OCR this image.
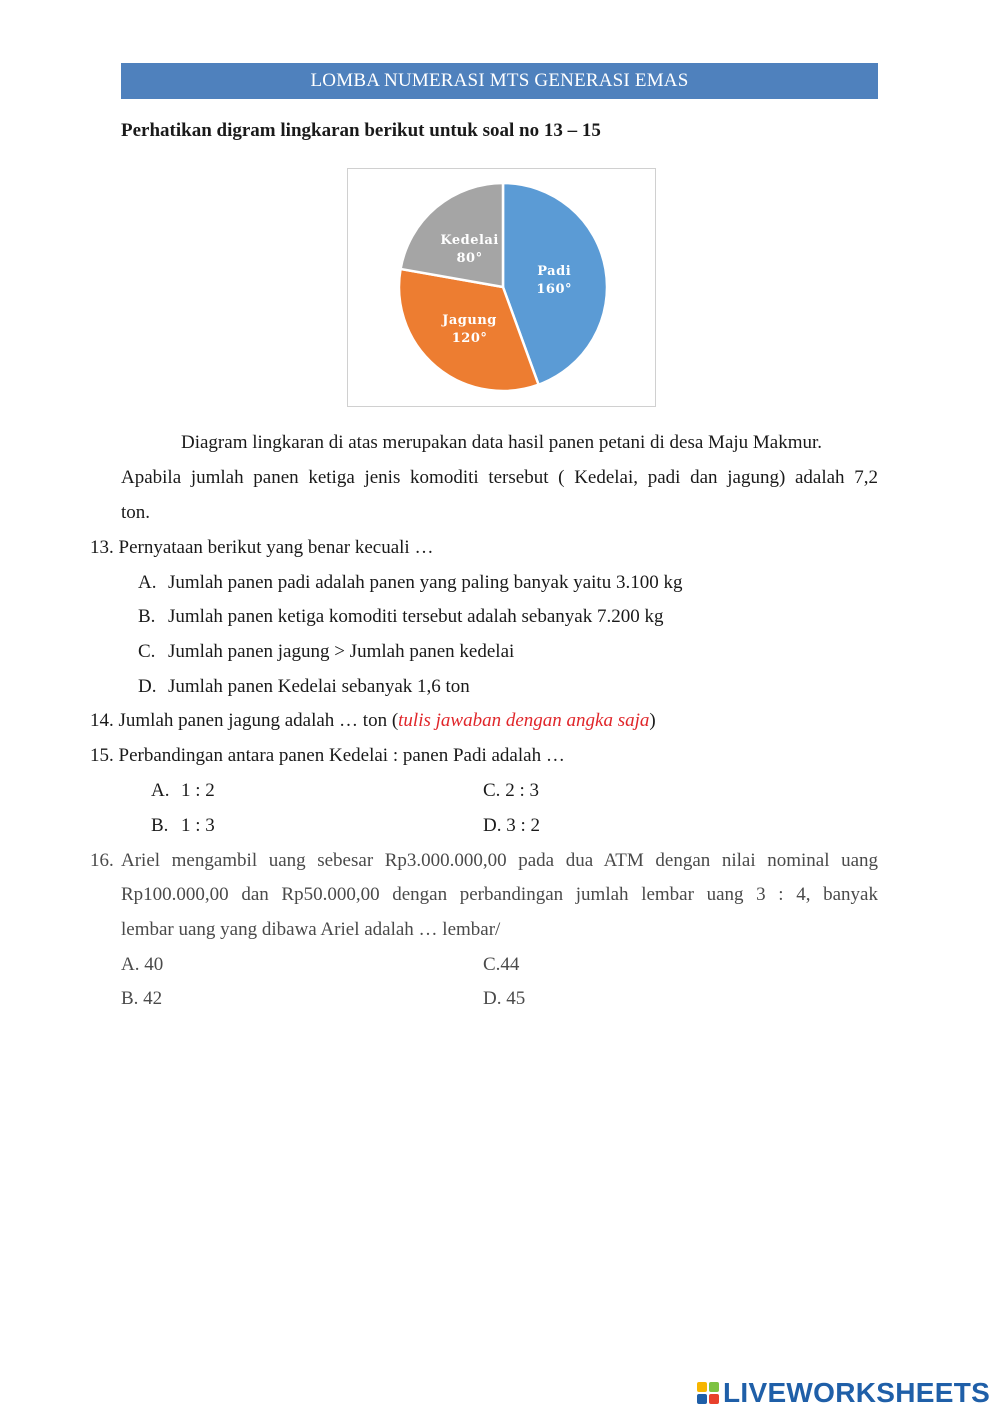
LOMBA NUMERASI MTS GENERASI EMAS
Perhatikan digram lingkaran berikut untuk soal no 13 – 15
Padi
160°
Jagung
120°
Kedelai
80°
Diagram lingkaran di atas merupakan data hasil panen petani di desa Maju Makmur.
Apabila jumlah panen ketiga jenis komoditi tersebut ( Kedelai, padi dan jagung) adalah 7,2
ton.
13. Pernyataan berikut yang benar kecuali …
A. Jumlah panen padi adalah panen yang paling banyak yaitu 3.100 kg
B. Jumlah panen ketiga komoditi tersebut adalah sebanyak 7.200 kg
C. Jumlah panen jagung > Jumlah panen kedelai
D. Jumlah panen Kedelai sebanyak 1,6 ton
14. Jumlah panen jagung adalah … ton (tulis jawaban dengan angka saja)
15. Perbandingan antara panen Kedelai : panen Padi adalah …
A. 1 : 2	C. 2 : 3
B. 1 : 3	D. 3 : 2
16. Ariel mengambil uang sebesar Rp3.000.000,00 pada dua ATM dengan nilai nominal uang
Rp100.000,00 dan Rp50.000,00 dengan perbandingan jumlah lembar uang 3 : 4, banyak
lembar uang yang dibawa Ariel adalah … lembar/
A. 40	C.44
B. 42	D. 45
LIVEWORKSHEETS
